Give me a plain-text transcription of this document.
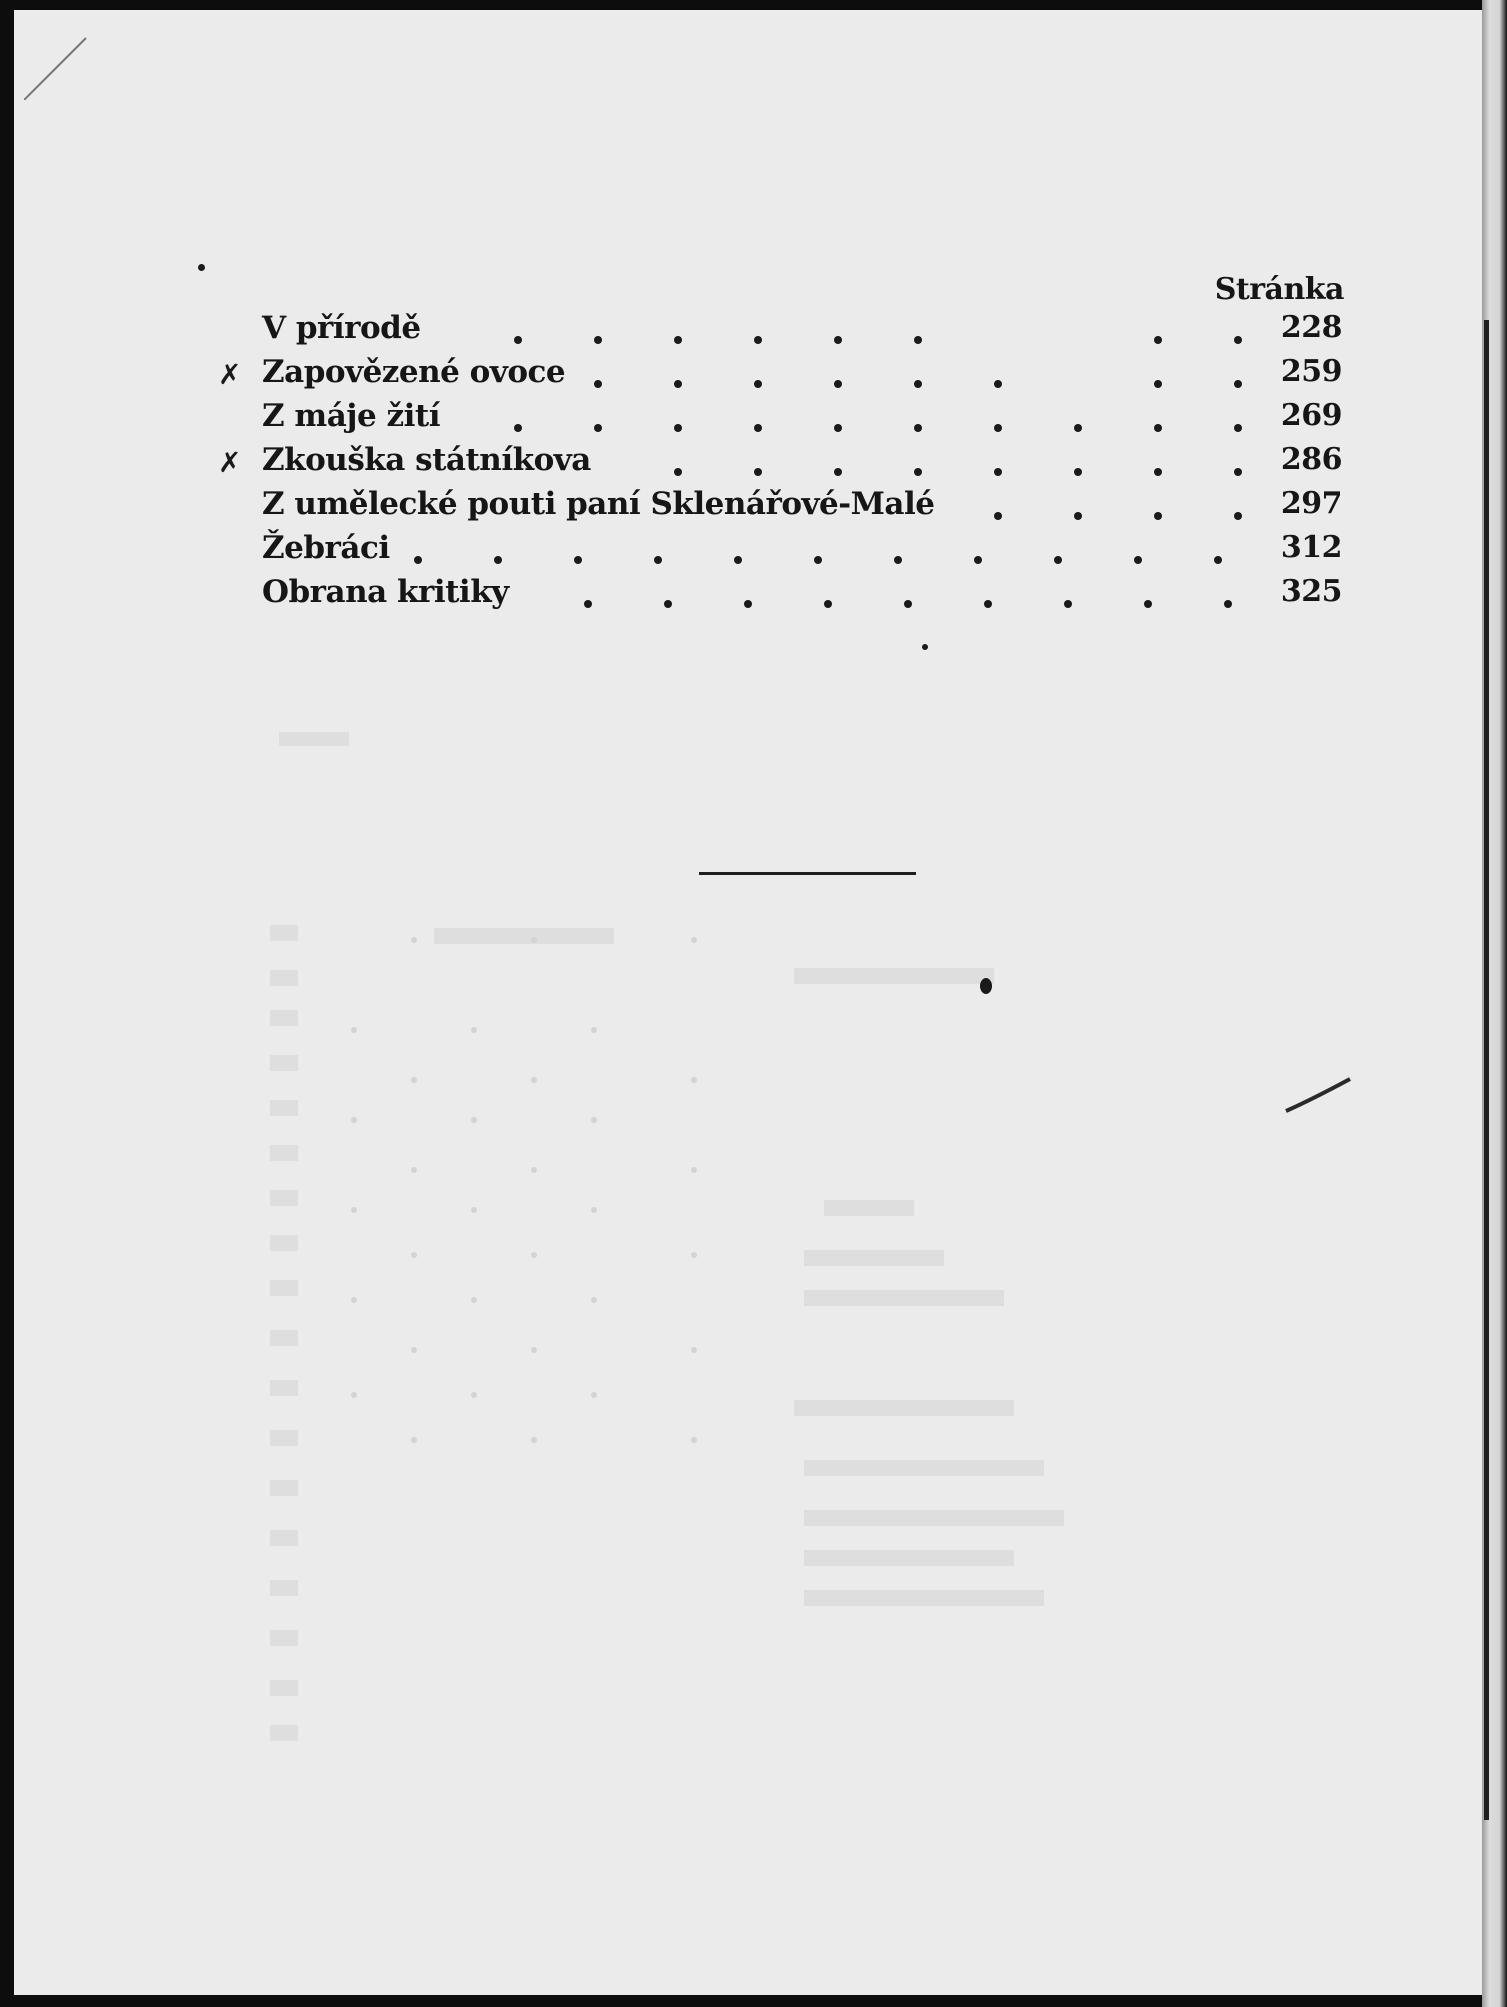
Stránka
V přírodě	228
✗ Zapovězené ovoce	259
Z máje žití	269
✗ Zkouška státníkova	286
Z umělecké pouti paní Sklenářové-Malé	297
Žebráci	312
Obrana kritiky	325
